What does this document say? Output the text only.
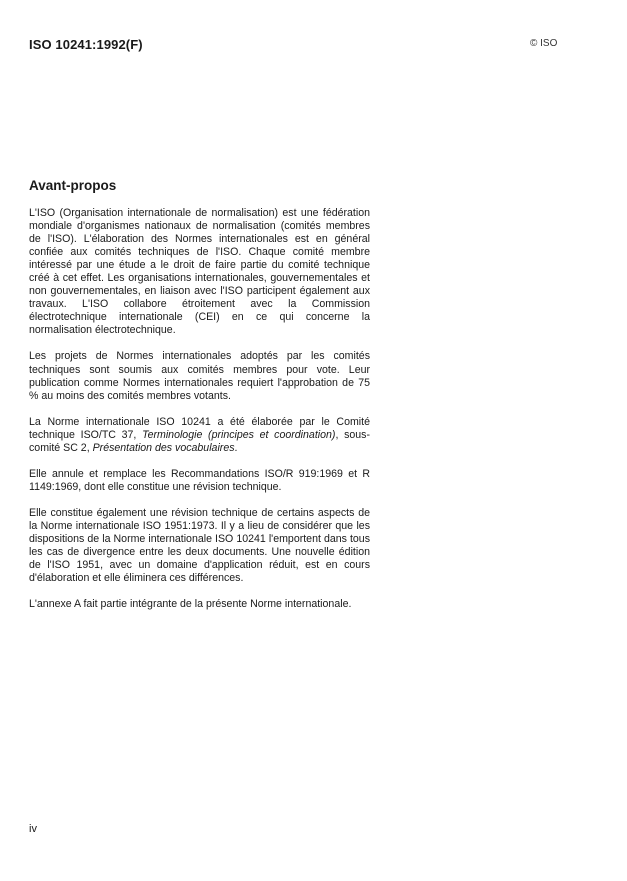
ISO 10241:1992(F)	© ISO
Avant-propos

L'ISO (Organisation internationale de normalisation) est une fédération mondiale d'organismes nationaux de normalisation (comités membres de l'ISO). L'élaboration des Normes internationales est en général confiée aux comités techniques de l'ISO. Chaque comité membre intéressé par une étude a le droit de faire partie du comité technique créé à cet effet. Les organisations internationales, gouvernementales et non gouvernementales, en liaison avec l'ISO participent également aux travaux. L'ISO collabore étroitement avec la Commission électrotechnique internationale (CEI) en ce qui concerne la normalisation électrotechnique.

Les projets de Normes internationales adoptés par les comités techniques sont soumis aux comités membres pour vote. Leur publication comme Normes internationales requiert l'approbation de 75 % au moins des comités membres votants.

La Norme internationale ISO 10241 a été élaborée par le Comité technique ISO/TC 37, Terminologie (principes et coordination), sous-comité SC 2, Présentation des vocabulaires.

Elle annule et remplace les Recommandations ISO/R 919:1969 et R 1149:1969, dont elle constitue une révision technique.

Elle constitue également une révision technique de certains aspects de la Norme internationale ISO 1951:1973. Il y a lieu de considérer que les dispositions de la Norme internationale ISO 10241 l'emportent dans tous les cas de divergence entre les deux documents. Une nouvelle édition de l'ISO 1951, avec un domaine d'application réduit, est en cours d'élaboration et elle éliminera ces différences.

L'annexe A fait partie intégrante de la présente Norme internationale.

iv
